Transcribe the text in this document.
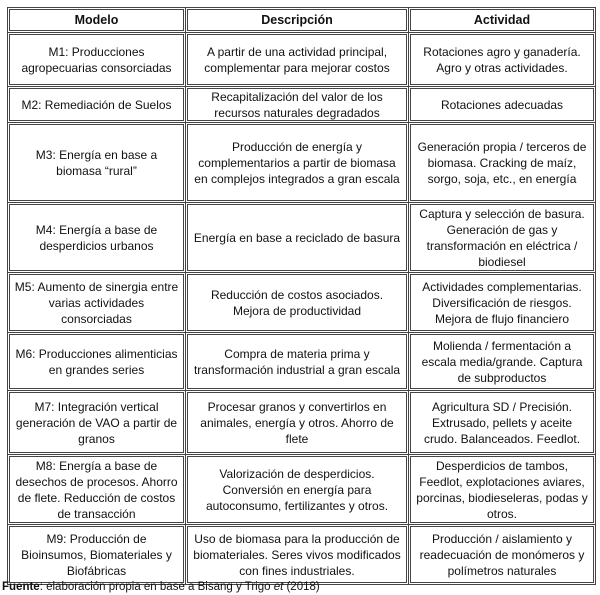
Modelo	Descripción	Actividad

M1: Producciones agropecuarias consorciadas	A partir de una actividad principal, complementar para mejorar costos	Rotaciones agro y ganadería. Agro y otras actividades.

M2: Remediación de Suelos	Recapitalización del valor de los recursos naturales degradados	Rotaciones adecuadas

M3: Energía en base a biomasa “rural”	Producción de energía y complementarios a partir de biomasa en complejos integrados a gran escala	Generación propia / terceros de biomasa. Cracking de maíz, sorgo, soja, etc., en energía

M4: Energía a base de desperdicios urbanos	Energía en base a reciclado de basura	Captura y selección de basura. Generación de gas y transformación en eléctrica / biodiesel

M5: Aumento de sinergia entre varias actividades consorciadas	Reducción de costos asociados. Mejora de productividad	Actividades complementarias. Diversificación de riesgos. Mejora de flujo financiero

M6: Producciones alimenticias en grandes series	Compra de materia prima y transformación industrial a gran escala	Molienda / fermentación a escala media/grande. Captura de subproductos

M7: Integración vertical generación de VAO a partir de granos	Procesar granos y convertirlos en animales, energía y otros. Ahorro de flete	Agricultura SD / Precisión. Extrusado, pellets y aceite crudo. Balanceados. Feedlot.

M8: Energía a base de desechos de procesos. Ahorro de flete. Reducción de costos de transacción	Valorización de desperdicios. Conversión en energía para autoconsumo, fertilizantes y otros.	Desperdicios de tambos, Feedlot, explotaciones aviares, porcinas, biodieseleras, podas y otros.

M9: Producción de Bioinsumos, Biomateriales y Biofábricas	Uso de biomasa para la producción de biomateriales. Seres vivos modificados con fines industriales.	Producción / aislamiento y readecuación de monómeros y polímetros naturales
Fuente: elaboración propia en base a Bisang y Trigo et (2018)
